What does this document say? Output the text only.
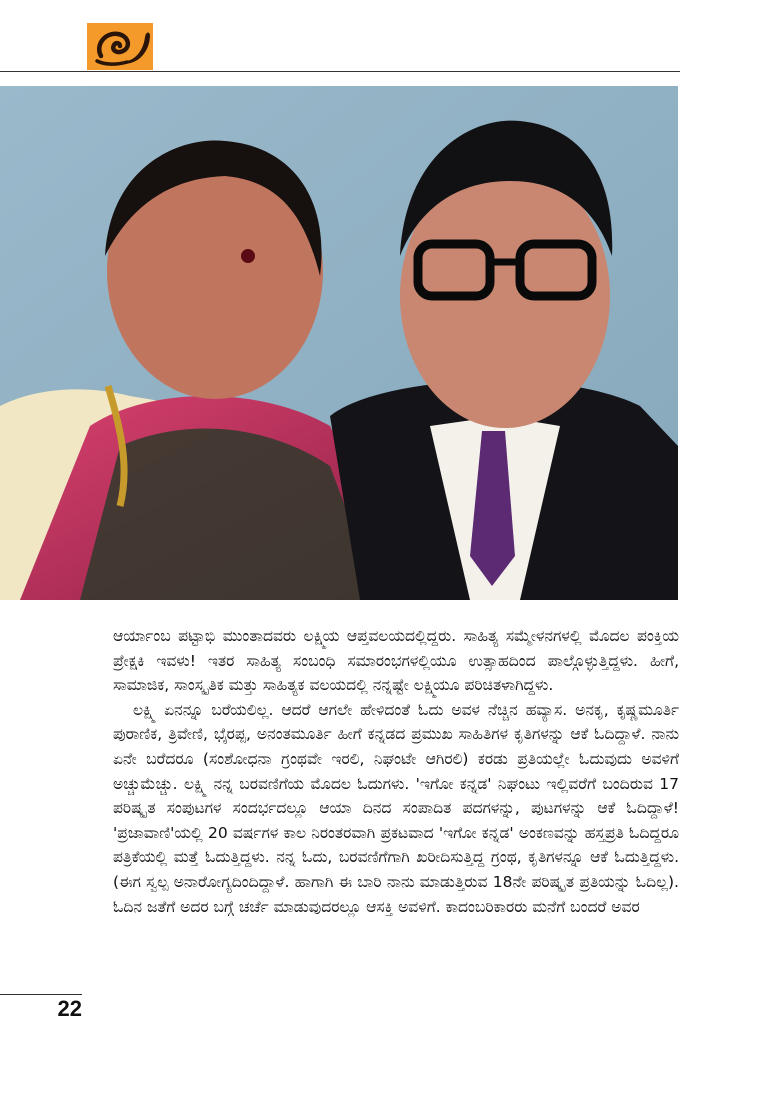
ಆರ್ಯಾಂಬ ಪಟ್ಟಾಭಿ ಮುಂತಾದವರು ಲಕ್ಷ್ಮಿಯ ಆಪ್ತವಲಯದಲ್ಲಿದ್ದರು. ಸಾಹಿತ್ಯ ಸಮ್ಮೇಳನಗಳಲ್ಲಿ ಮೊದಲ ಪಂಕ್ತಿಯ ಪ್ರೇಕ್ಷಕಿ ಇವಳು! ಇತರ ಸಾಹಿತ್ಯ ಸಂಬಂಧಿ ಸಮಾರಂಭಗಳಲ್ಲಿಯೂ ಉತ್ಸಾಹದಿಂದ ಪಾಲ್ಗೊಳ್ಳುತ್ತಿದ್ದಳು. ಹೀಗೆ, ಸಾಮಾಜಿಕ, ಸಾಂಸ್ಕೃತಿಕ ಮತ್ತು ಸಾಹಿತ್ಯಕ ವಲಯದಲ್ಲಿ ನನ್ನಷ್ಟೇ ಲಕ್ಷ್ಮಿಯೂ ಪರಿಚಿತಳಾಗಿದ್ದಳು.

ಲಕ್ಷ್ಮಿ ಏನನ್ನೂ ಬರೆಯಲಿಲ್ಲ. ಆದರೆ ಆಗಲೇ ಹೇಳಿದಂತೆ ಓದು ಅವಳ ನೆಚ್ಚಿನ ಹವ್ಯಾಸ. ಅನಕೃ, ಕೃಷ್ಣಮೂರ್ತಿ ಪುರಾಣಿಕ, ತ್ರಿವೇಣಿ, ಭೈರಪ್ಪ, ಅನಂತಮೂರ್ತಿ ಹೀಗೆ ಕನ್ನಡದ ಪ್ರಮುಖ ಸಾಹಿತಿಗಳ ಕೃತಿಗಳನ್ನು ಆಕೆ ಓದಿದ್ದಾಳೆ. ನಾನು ಏನೇ ಬರೆದರೂ (ಸಂಶೋಧನಾ ಗ್ರಂಥವೇ ಇರಲಿ, ನಿಘಂಟೇ ಆಗಿರಲಿ) ಕರಡು ಪ್ರತಿಯಲ್ಲೇ ಓದುವುದು ಅವಳಿಗೆ ಅಚ್ಚುಮೆಚ್ಚು. ಲಕ್ಷ್ಮಿ ನನ್ನ ಬರವಣಿಗೆಯ ಮೊದಲ ಓದುಗಳು. 'ಇಗೋ ಕನ್ನಡ' ನಿಘಂಟು ಇಲ್ಲಿವರೆಗೆ ಬಂದಿರುವ 17 ಪರಿಷ್ಕೃತ ಸಂಪುಟಗಳ ಸಂದರ್ಭದಲ್ಲೂ ಆಯಾ ದಿನದ ಸಂಪಾದಿತ ಪದಗಳನ್ನು, ಪುಟಗಳನ್ನು ಆಕೆ ಓದಿದ್ದಾಳೆ! 'ಪ್ರಜಾವಾಣಿ'ಯಲ್ಲಿ 20 ವರ್ಷಗಳ ಕಾಲ ನಿರಂತರವಾಗಿ ಪ್ರಕಟವಾದ 'ಇಗೋ ಕನ್ನಡ' ಅಂಕಣವನ್ನು ಹಸ್ತಪ್ರತಿ ಓದಿದ್ದರೂ ಪತ್ರಿಕೆಯಲ್ಲಿ ಮತ್ತೆ ಓದುತ್ತಿದ್ದಳು. ನನ್ನ ಓದು, ಬರವಣಿಗೆಗಾಗಿ ಖರೀದಿಸುತ್ತಿದ್ದ ಗ್ರಂಥ, ಕೃತಿಗಳನ್ನೂ ಆಕೆ ಓದುತ್ತಿದ್ದಳು. (ಈಗ ಸ್ವಲ್ಪ ಅನಾರೋಗ್ಯದಿಂದಿದ್ದಾಳೆ. ಹಾಗಾಗಿ ಈ ಬಾರಿ ನಾನು ಮಾಡುತ್ತಿರುವ 18ನೇ ಪರಿಷ್ಕೃತ ಪ್ರತಿಯನ್ನು ಓದಿಲ್ಲ). ಓದಿನ ಜತೆಗೆ ಅದರ ಬಗ್ಗೆ ಚರ್ಚೆ ಮಾಡುವುದರಲ್ಲೂ ಆಸಕ್ತಿ ಅವಳಿಗೆ. ಕಾದಂಬರಿಕಾರರು ಮನೆಗೆ ಬಂದರೆ ಅವರ

22
